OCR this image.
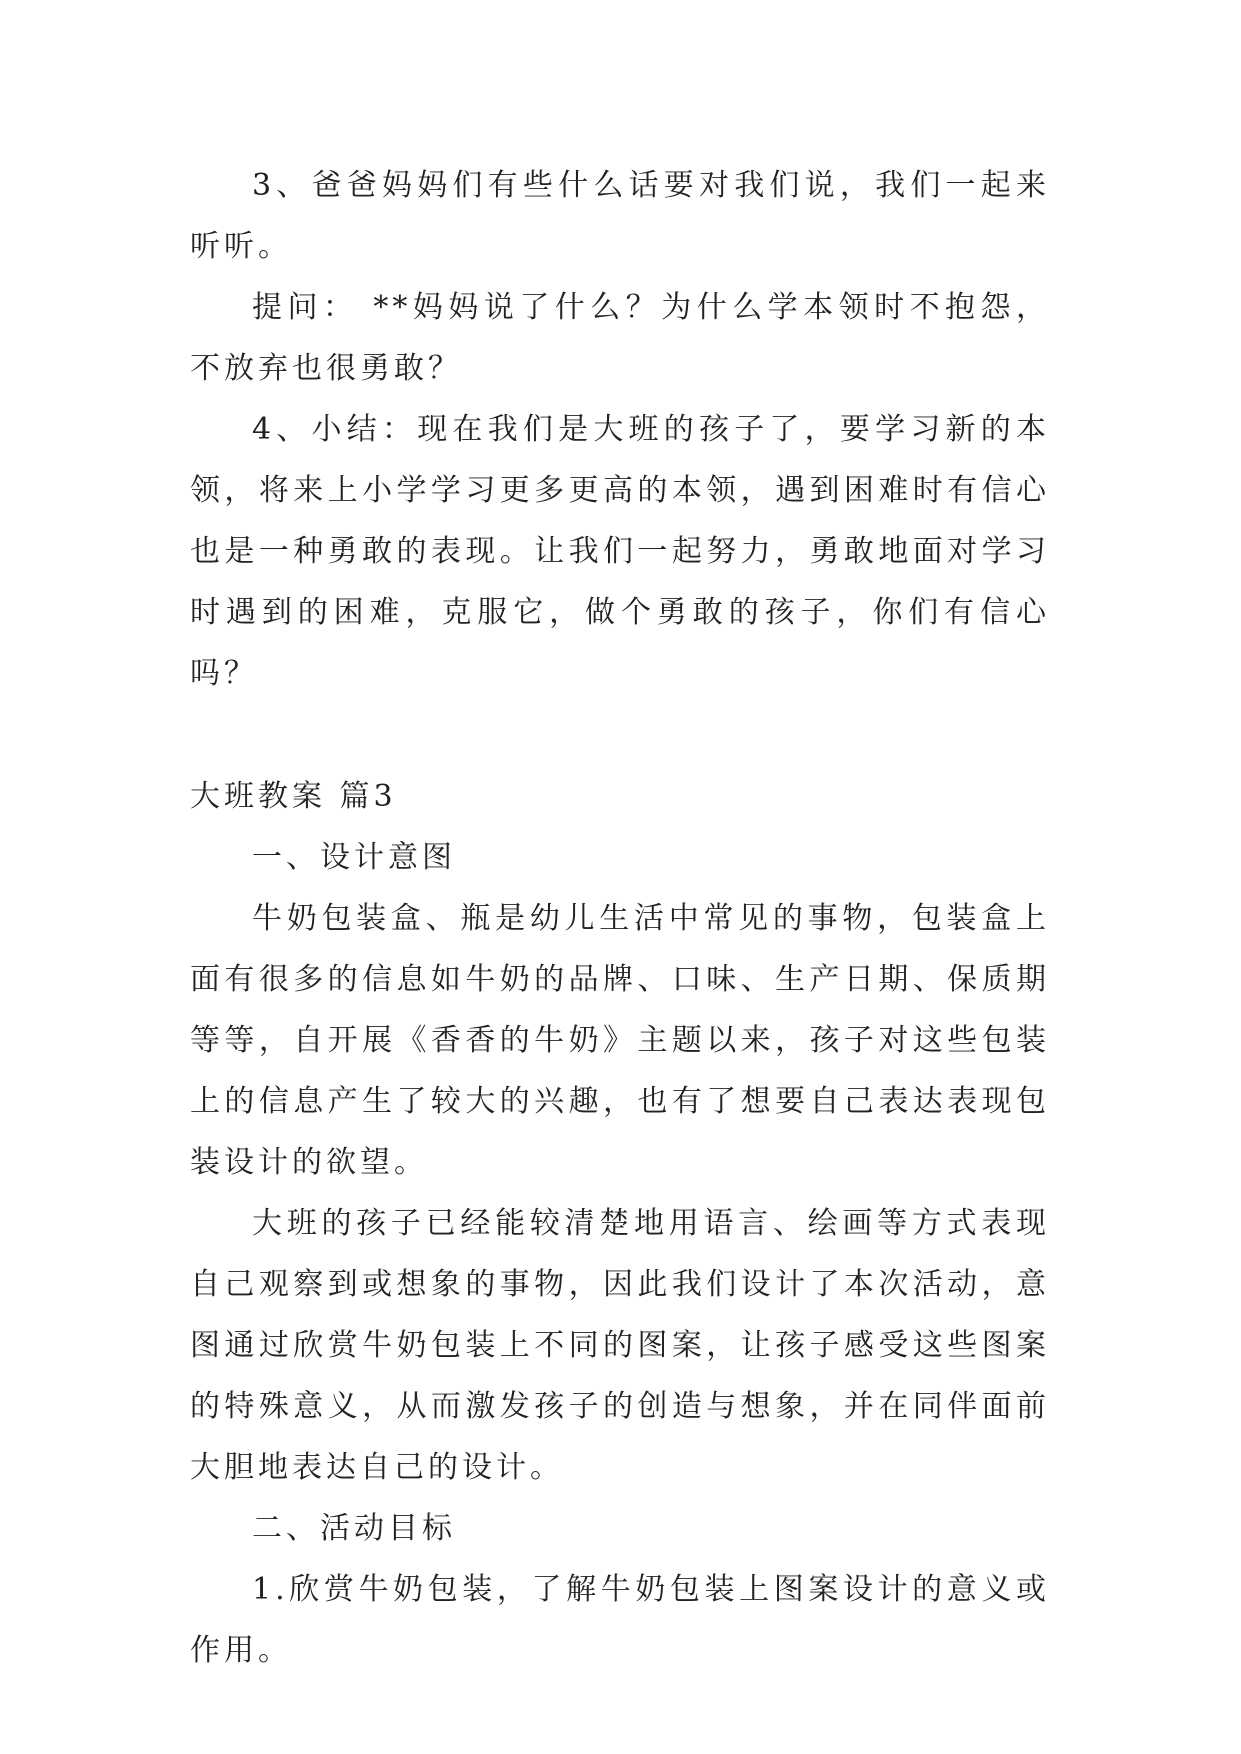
3、爸爸妈妈们有些什么话要对我们说，我们一起来听听。

提问： **妈妈说了什么？为什么学本领时不抱怨，不放弃也很勇敢？

4、小结：现在我们是大班的孩子了，要学习新的本领，将来上小学学习更多更高的本领，遇到困难时有信心也是一种勇敢的表现。让我们一起努力，勇敢地面对学习时遇到的困难，克服它，做个勇敢的孩子，你们有信心吗？

大班教案 篇3

一、设计意图

牛奶包装盒、瓶是幼儿生活中常见的事物，包装盒上面有很多的信息如牛奶的品牌、口味、生产日期、保质期等等，自开展《香香的牛奶》主题以来，孩子对这些包装上的信息产生了较大的兴趣，也有了想要自己表达表现包装设计的欲望。

大班的孩子已经能较清楚地用语言、绘画等方式表现自己观察到或想象的事物，因此我们设计了本次活动，意图通过欣赏牛奶包装上不同的图案，让孩子感受这些图案的特殊意义，从而激发孩子的创造与想象，并在同伴面前大胆地表达自己的设计。

二、活动目标

1.欣赏牛奶包装，了解牛奶包装上图案设计的意义或作用。
